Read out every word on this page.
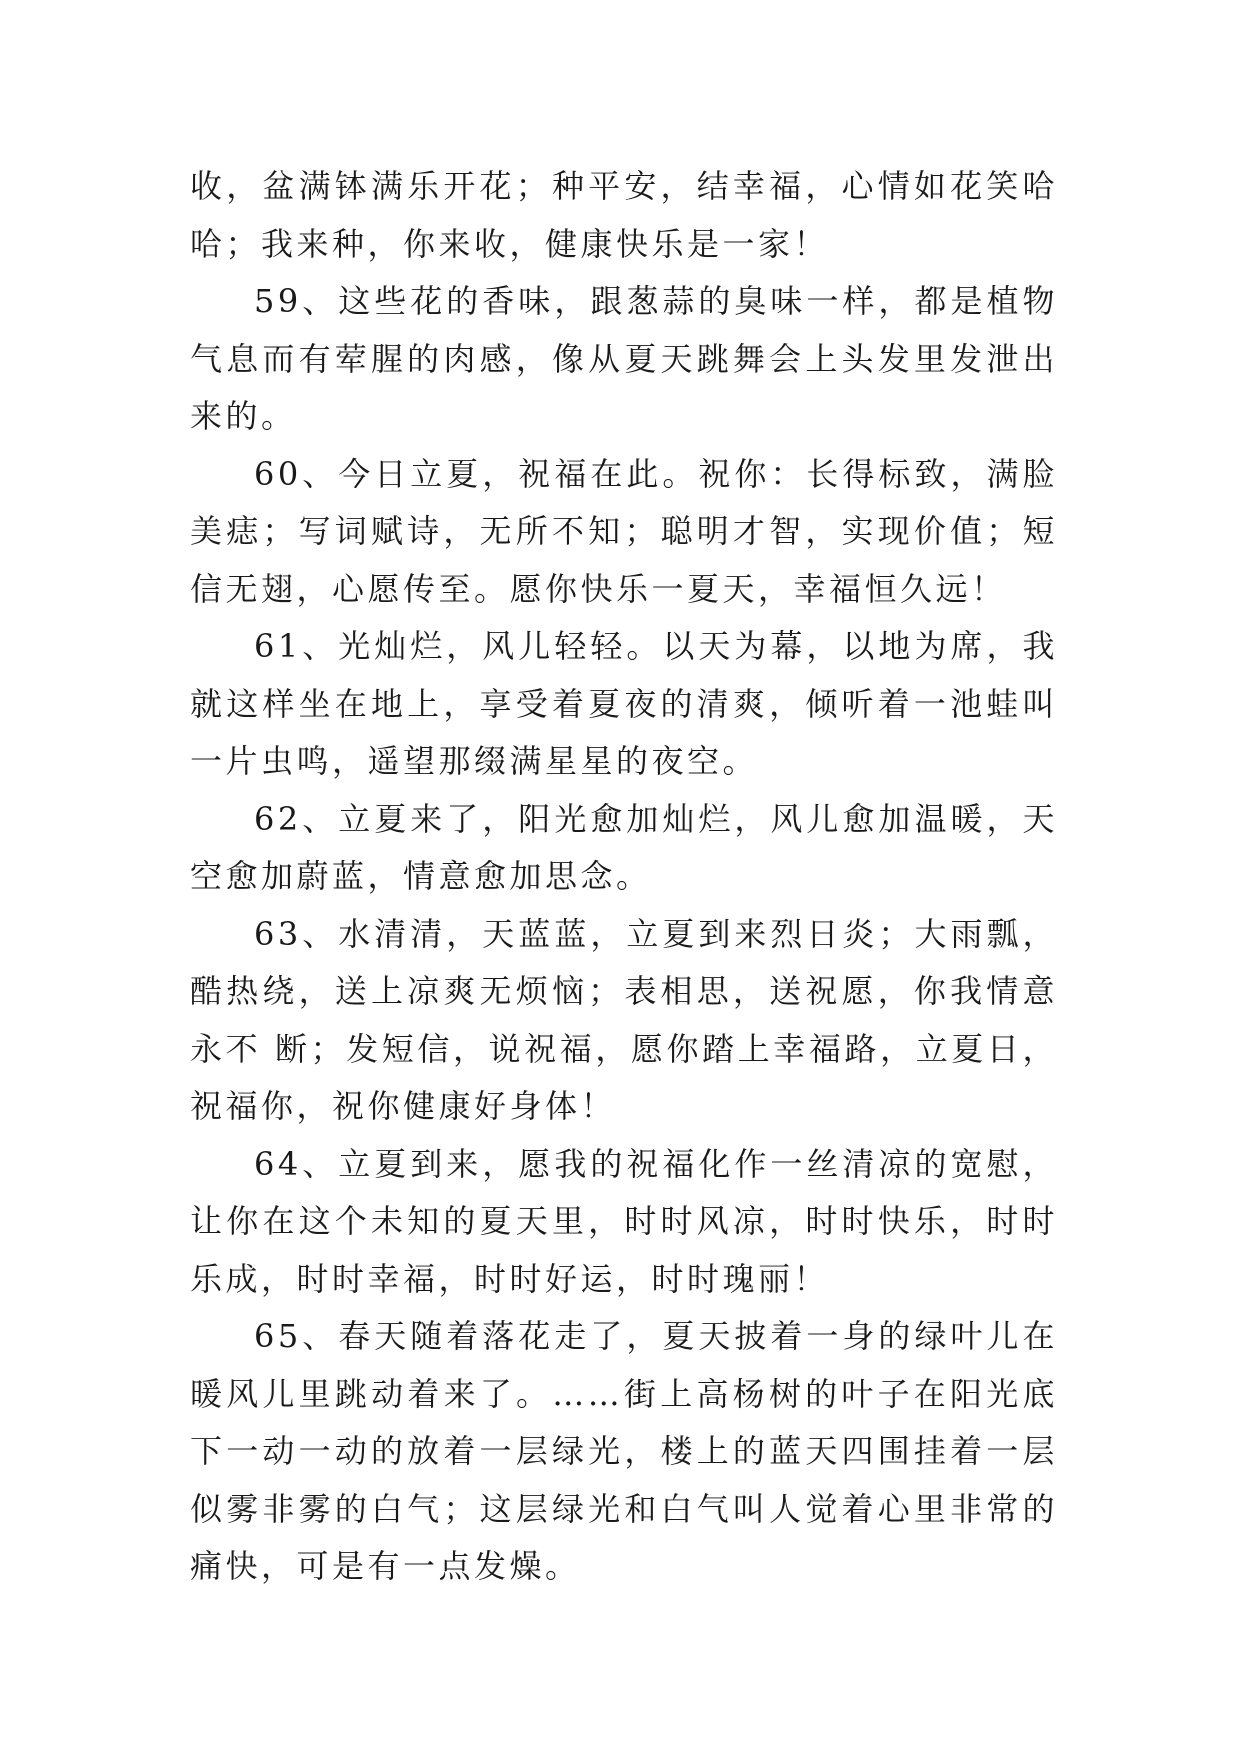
收，盆满钵满乐开花；种平安，结幸福，心情如花笑哈哈；我来种，你来收，健康快乐是一家！

59、这些花的香味，跟葱蒜的臭味一样，都是植物气息而有荤腥的肉感，像从夏天跳舞会上头发里发泄出来的。

60、今日立夏，祝福在此。祝你：长得标致，满脸美痣；写词赋诗，无所不知；聪明才智，实现价值；短信无翅，心愿传至。愿你快乐一夏天，幸福恒久远！

61、光灿烂，风儿轻轻。以天为幕，以地为席，我就这样坐在地上，享受着夏夜的清爽，倾听着一池蛙叫一片虫鸣，遥望那缀满星星的夜空。

62、立夏来了，阳光愈加灿烂，风儿愈加温暖，天空愈加蔚蓝，情意愈加思念。

63、水清清，天蓝蓝，立夏到来烈日炎；大雨瓢，酷热绕，送上凉爽无烦恼；表相思，送祝愿，你我情意永不 断；发短信，说祝福，愿你踏上幸福路，立夏日，祝福你，祝你健康好身体！

64、立夏到来，愿我的祝福化作一丝清凉的宽慰，让你在这个未知的夏天里，时时风凉，时时快乐，时时乐成，时时幸福，时时好运，时时瑰丽！

65、春天随着落花走了，夏天披着一身的绿叶儿在暖风儿里跳动着来了。……街上高杨树的叶子在阳光底下一动一动的放着一层绿光，楼上的蓝天四围挂着一层似雾非雾的白气；这层绿光和白气叫人觉着心里非常的痛快，可是有一点发燥。
